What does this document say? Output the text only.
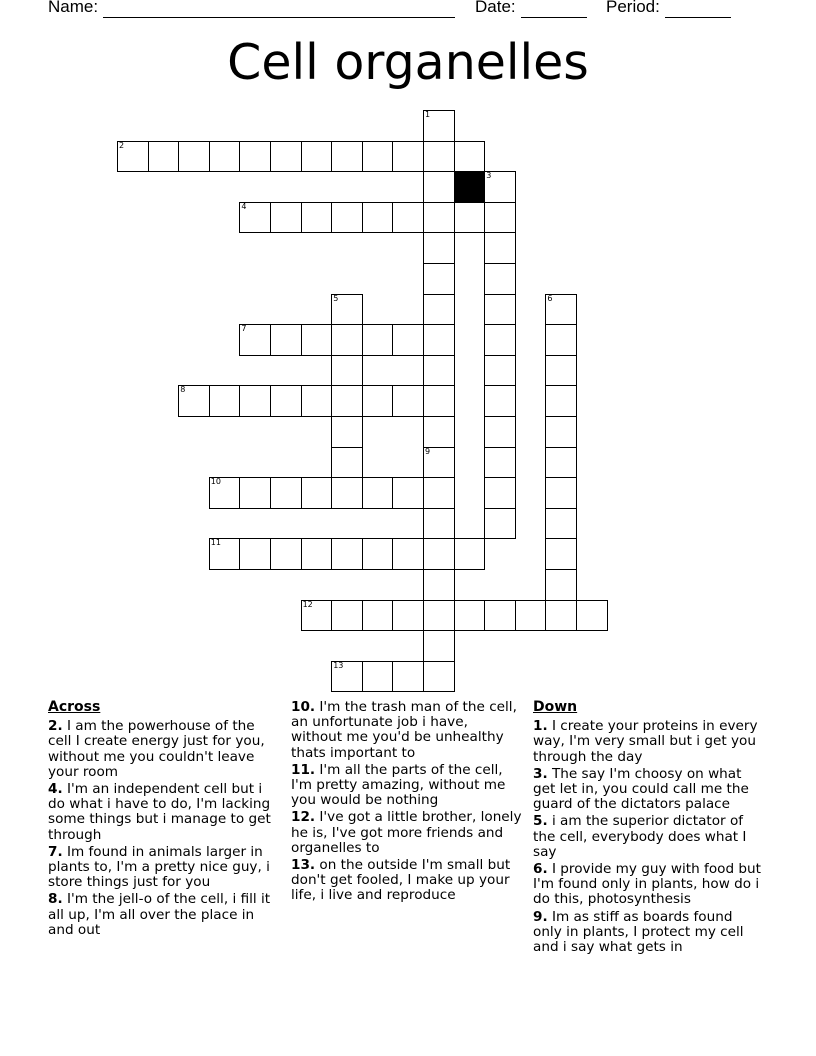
Name:	Date:	Period:
Cell organelles
1
9
2
3
4
5	6
7
8
10
11
12
13
Across
2. I am the powerhouse of the cell I create energy just for you, without me you couldn't leave your room
4. I'm an independent cell but i do what i have to do, I'm lacking some things but i manage to get through
7. Im found in animals larger in plants to, I'm a pretty nice guy, i store things just for you
8. I'm the jell-o of the cell, i fill it all up, I'm all over the place in and out
10. I'm the trash man of the cell, an unfortunate job i have, without me you'd be unhealthy thats important to
11. I'm all the parts of the cell, I'm pretty amazing, without me you would be nothing
12. I've got a little brother, lonely he is, I've got more friends and organelles to
13. on the outside I'm small but don't get fooled, I make up your life, i live and reproduce
Down
1. I create your proteins in every way, I'm very small but i get you through the day
3. The say I'm choosy on what get let in, you could call me the guard of the dictators palace
5. i am the superior dictator of the cell, everybody does what I say
6. I provide my guy with food but I'm found only in plants, how do i do this, photosynthesis
9. Im as stiff as boards found only in plants, I protect my cell and i say what gets in
